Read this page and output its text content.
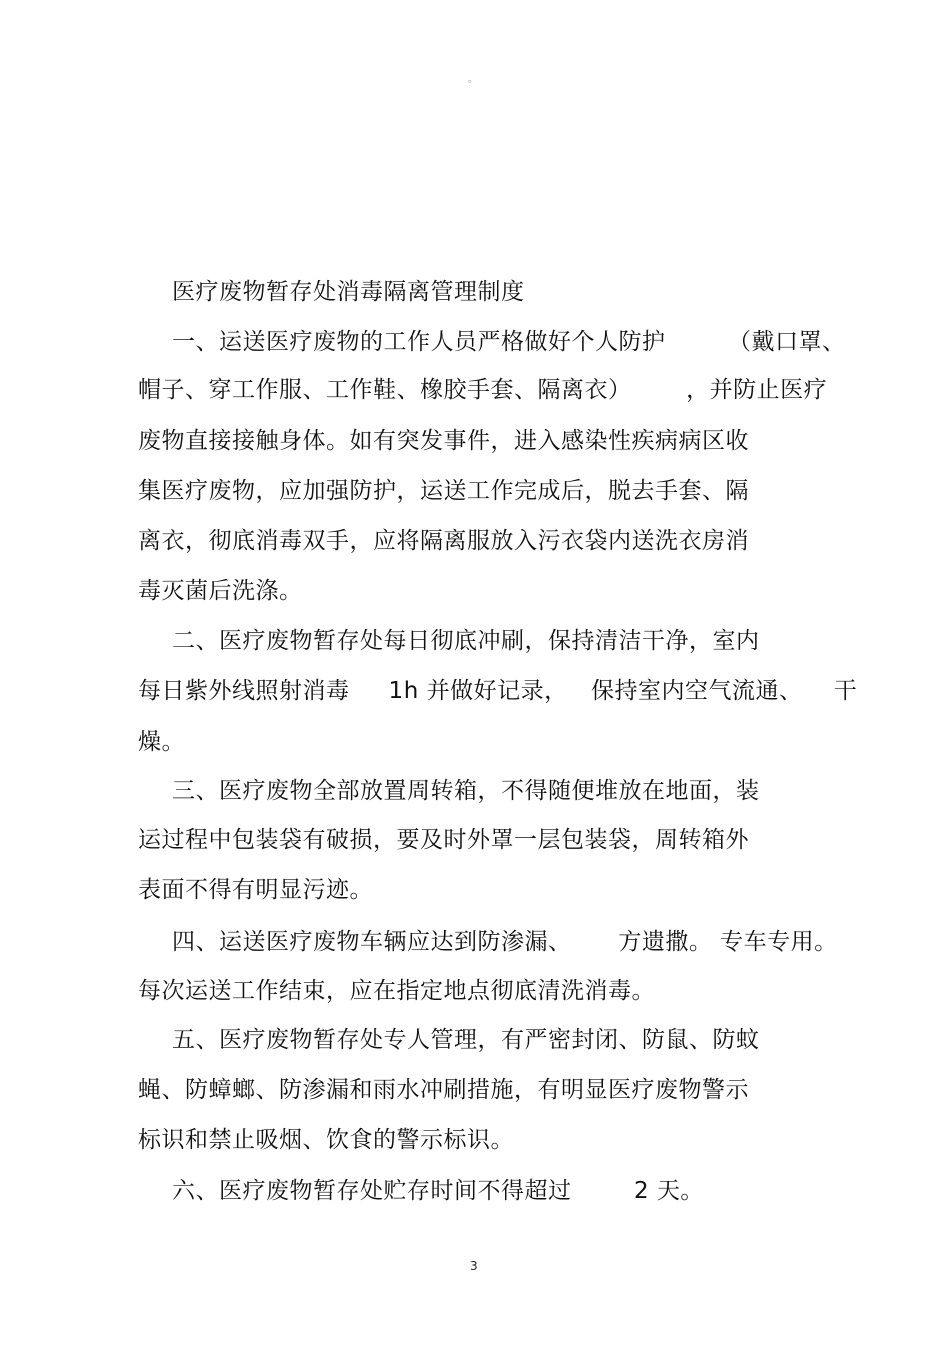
。
医疗废物暂存处消毒隔离管理制度
一、运送医疗废物的工作人员严格做好个人防护        （戴口罩、
帽子、穿工作服、工作鞋、橡胶手套、隔离衣）       ，并防止医疗
废物直接接触身体。如有突发事件，进入感染性疾病病区收
集医疗废物，应加强防护，运送工作完成后，脱去手套、隔
离衣，彻底消毒双手，应将隔离服放入污衣袋内送洗衣房消
毒灭菌后洗涤。
二、医疗废物暂存处每日彻底冲刷，保持清洁干净，室内
每日紫外线照射消毒     1h 并做好记录，   保持室内空气流通、    干
燥。
三、医疗废物全部放置周转箱，不得随便堆放在地面，装
运过程中包装袋有破损，要及时外罩一层包装袋，周转箱外
表面不得有明显污迹。
四、运送医疗废物车辆应达到防渗漏、      方遗撒。 专车专用。
每次运送工作结束，应在指定地点彻底清洗消毒。
五、医疗废物暂存处专人管理，有严密封闭、防鼠、防蚊
蝇、防蟑螂、防渗漏和雨水冲刷措施，有明显医疗废物警示
标识和禁止吸烟、饮食的警示标识。
六、医疗废物暂存处贮存时间不得超过        2 天。
3
